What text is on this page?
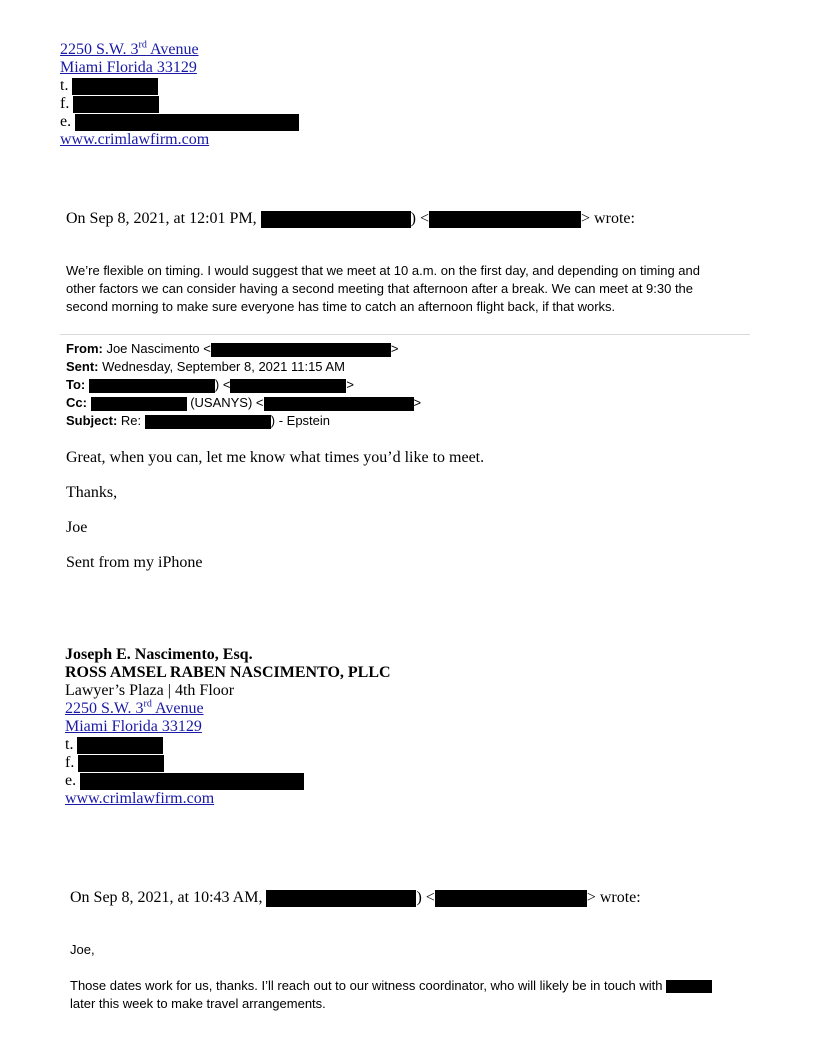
2250 S.W. 3rd Avenue
Miami Florida 33129
t.
f.
e.
www.crimlawfirm.com
On Sep 8, 2021, at 12:01 PM,	) <	> wrote:
We’re flexible on timing. I would suggest that we meet at 10 a.m. on the first day, and depending on timing and
other factors we can consider having a second meeting that afternoon after a break. We can meet at 9:30 the
second morning to make sure everyone has time to catch an afternoon flight back, if that works.
From: Joe Nascimento <	>
Sent: Wednesday, September 8, 2021 11:15 AM
To:	) <	>
Cc:	(USANYS) <	>
Subject: Re:	) - Epstein
Great, when you can, let me know what times you’d like to meet.
Thanks,
Joe
Sent from my iPhone
Joseph E. Nascimento, Esq.
ROSS AMSEL RABEN NASCIMENTO, PLLC
Lawyer’s Plaza | 4th Floor
2250 S.W. 3rd Avenue
Miami Florida 33129
t.
f.
e.
www.crimlawfirm.com
On Sep 8, 2021, at 10:43 AM,	) <	> wrote:
Joe,
Those dates work for us, thanks. I’ll reach out to our witness coordinator, who will likely be in touch with
later this week to make travel arrangements.
